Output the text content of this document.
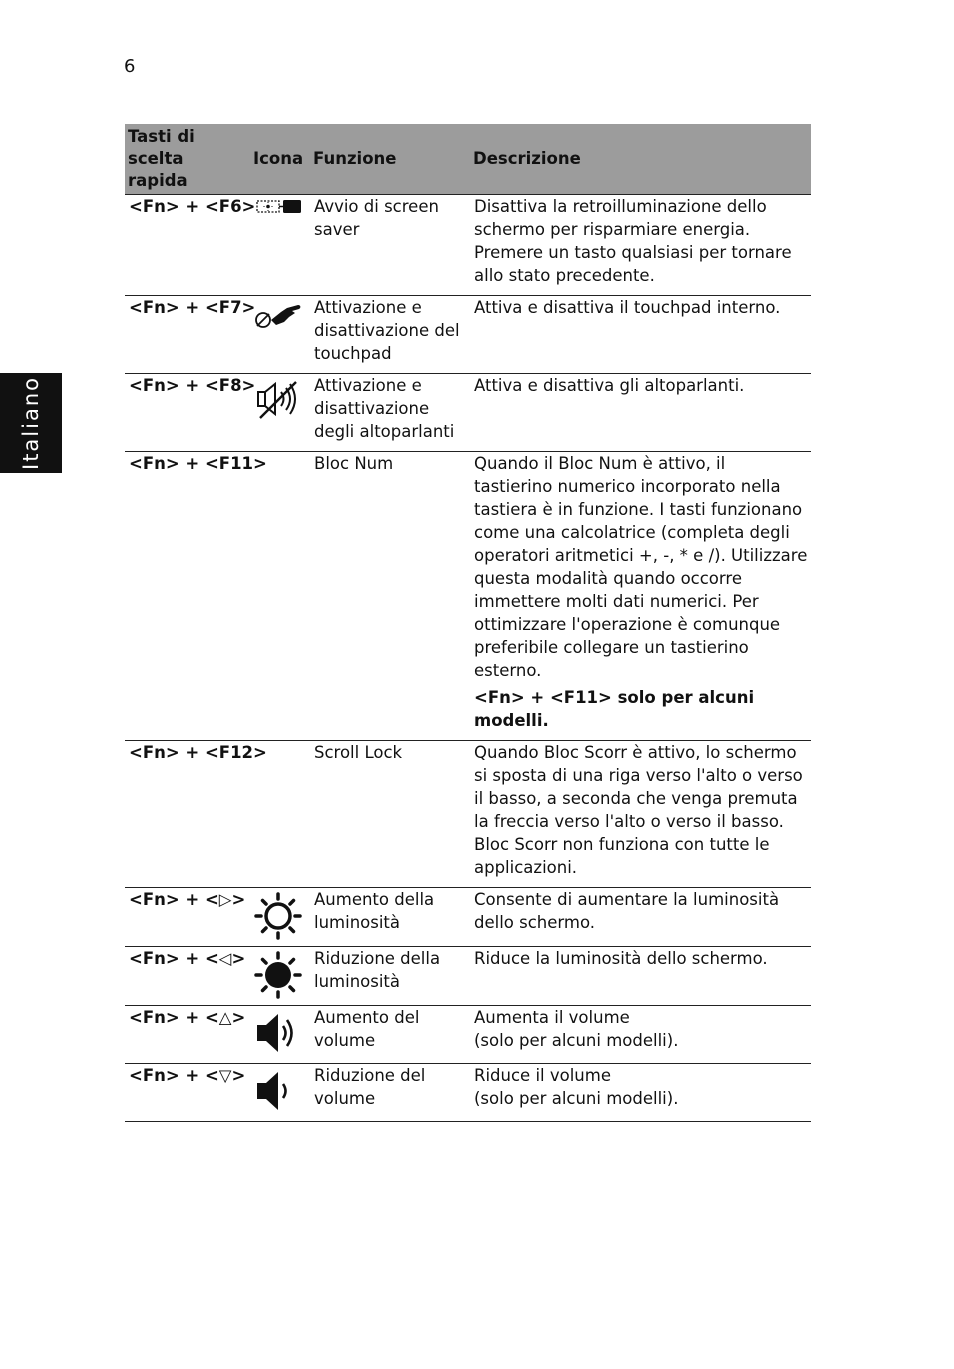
6
Italiano
Tasti di scelta rapida	Icona	Funzione	Descrizione
<Fn> + <F6>		Avvio di screen saver	Disattiva la retroilluminazione dello schermo per risparmiare energia. Premere un tasto qualsiasi per tornare allo stato precedente.
<Fn> + <F7>		Attivazione e disattivazione del touchpad	Attiva e disattiva il touchpad interno.
<Fn> + <F8>		Attivazione e disattivazione degli altoparlanti	Attiva e disattiva gli altoparlanti.
<Fn> + <F11>		Bloc Num	Quando il Bloc Num è attivo, il tastierino numerico incorporato nella tastiera è in funzione. I tasti funzionano come una calcolatrice (completa degli operatori aritmetici +, -, * e /). Utilizzare questa modalità quando occorre immettere molti dati numerici. Per ottimizzare l'operazione è comunque preferibile collegare un tastierino esterno.
<Fn> + <F11> solo per alcuni modelli.

<Fn> + <F12>		Scroll Lock	Quando Bloc Scorr è attivo, lo schermo si sposta di una riga verso l'alto o verso il basso, a seconda che venga premuta la freccia verso l'alto o verso il basso. Bloc Scorr non funziona con tutte le applicazioni.
<Fn> + <▷>		Aumento della luminosità	Consente di aumentare la luminosità dello schermo.
<Fn> + <◁>		Riduzione della luminosità	Riduce la luminosità dello schermo.
<Fn> + <△>		Aumento del volume	Aumenta il volume
(solo per alcuni modelli).

<Fn> + <▽>		Riduzione del volume	Riduce il volume
(solo per alcuni modelli).
